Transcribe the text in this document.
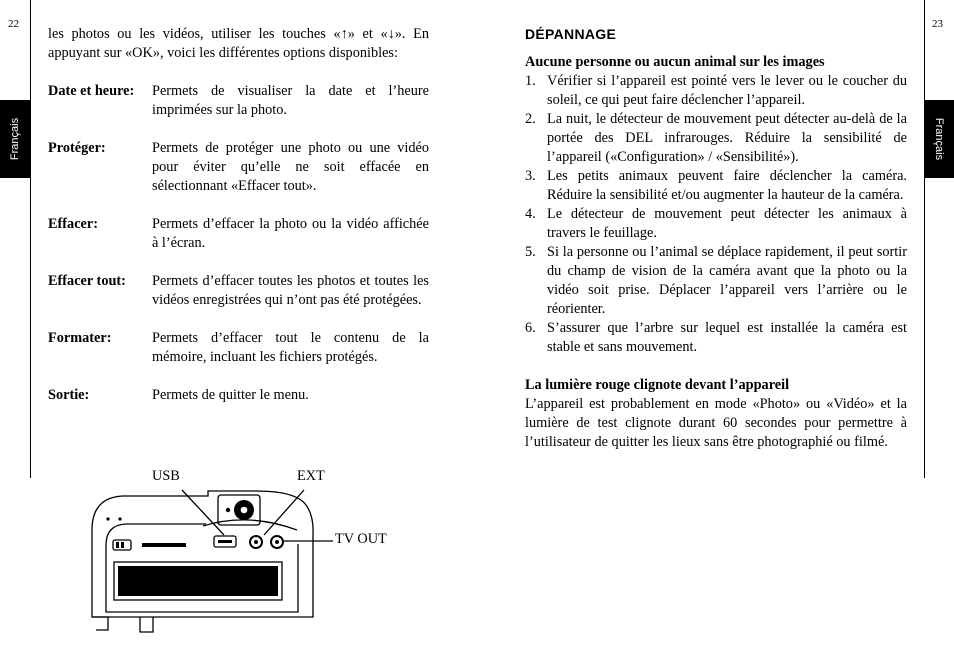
22
Français
les photos ou les vidéos, utiliser les touches «↑» et «↓». En appuyant sur «OK», voici les différentes options disponibles:
Date et heure:	Permets de visualiser la date et l’heure imprimées sur la photo.
Protéger:	Permets de protéger une photo ou une vidéo pour éviter qu’elle ne soit effacée en sélectionnant «Effacer tout».
Effacer:	Permets d’effacer la photo ou la vidéo affichée à l’écran.
Effacer tout:	Permets d’effacer toutes les photos et toutes les vidéos enregistrées qui n’ont pas été protégées.
Formater:	Permets d’effacer tout le contenu de la mémoire, incluant les fichiers protégés.
Sortie:	Permets de quitter le menu.
USB	EXT
TV OUT
23
Français
DÉPANNAGE
Aucune personne ou aucun animal sur les images
1. Vérifier si l’appareil est pointé vers le lever ou le coucher du soleil, ce qui peut faire déclencher l’appareil.
2. La nuit, le détecteur de mouvement peut détecter au-delà de la portée des DEL infrarouges. Réduire la sensibilité de l’appareil («Configuration» / «Sensibilité»).
3. Les petits animaux peuvent faire déclencher la caméra. Réduire la sensibilité et/ou augmenter la hauteur de la caméra.
4. Le détecteur de mouvement peut détecter les animaux à travers le feuillage.
5. Si la personne ou l’animal se déplace rapidement, il peut sortir du champ de vision de la caméra avant que la photo ou la vidéo soit prise. Déplacer l’appareil vers l’arrière ou le réorienter.
6. S’assurer que l’arbre sur lequel est installée la caméra est stable et sans mouvement.
La lumière rouge clignote devant l’appareil
L’appareil est probablement en mode «Photo» ou «Vidéo» et la lumière de test clignote durant 60 secondes pour permettre à l’utilisateur de quitter les lieux sans être photographié ou filmé.
